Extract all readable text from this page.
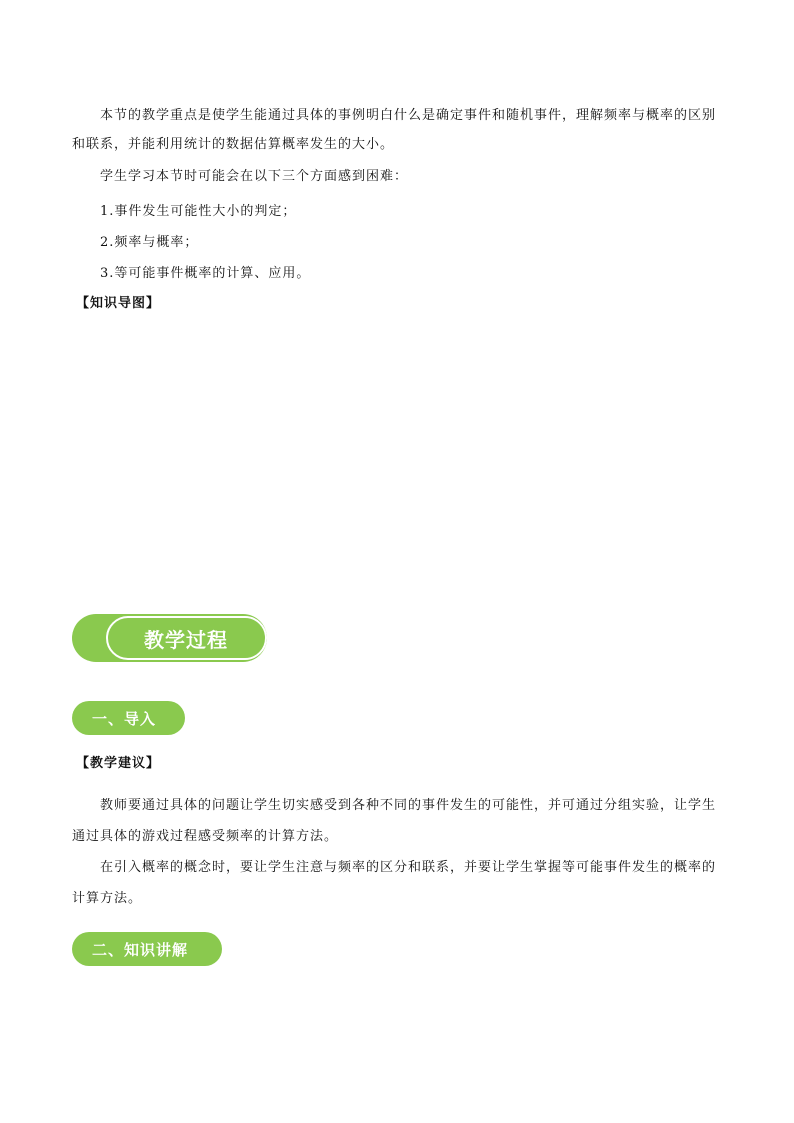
本节的教学重点是使学生能通过具体的事例明白什么是确定事件和随机事件，理解频率与概率的区别和联系，并能利用统计的数据估算概率发生的大小。

学生学习本节时可能会在以下三个方面感到困难：

1.事件发生可能性大小的判定；

2.频率与概率；

3.等可能事件概率的计算、应用。

【知识导图】

教学过程
一、导入

【教学建议】

教师要通过具体的问题让学生切实感受到各种不同的事件发生的可能性，并可通过分组实验，让学生通过具体的游戏过程感受频率的计算方法。

在引入概率的概念时，要让学生注意与频率的区分和联系，并要让学生掌握等可能事件发生的概率的计算方法。

二、知识讲解
